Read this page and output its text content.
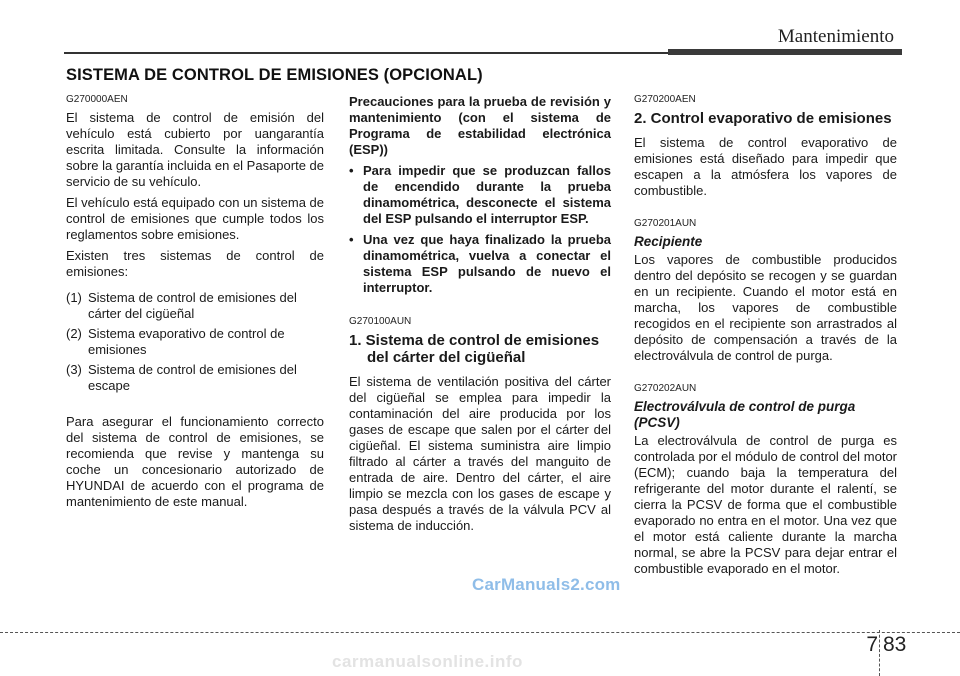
Mantenimiento
SISTEMA DE CONTROL DE EMISIONES (OPCIONAL)
G270000AEN

El sistema de control de emisión del vehículo está cubierto por uangarantía escrita limitada. Consulte la información sobre la garantía incluida en el Pasaporte de servicio de su vehículo.

El vehículo está equipado con un sistema de control de emisiones que cumple todos los reglamentos sobre emisiones.

Existen tres sistemas de control de emisiones:

(1) Sistema de control de emisiones del cárter del cigüeñal
(2) Sistema evaporativo de control de emisiones
(3) Sistema de control de emisiones del escape

Para asegurar el funcionamiento correcto del sistema de control de emisiones, se recomienda que revise y mantenga su coche un concesionario autorizado de HYUNDAI de acuerdo con el programa de mantenimiento de este manual.

Precauciones para la prueba de revisión y mantenimiento (con el sistema de Programa de estabilidad electrónica (ESP))

• Para impedir que se produzcan fallos de encendido durante la prueba dinamométrica, desconecte el sistema del ESP pulsando el interruptor ESP.
• Una vez que haya finalizado la prueba dinamométrica, vuelva a conectar el sistema ESP pulsando de nuevo el interruptor.
G270100AUN
1. Sistema de control de emisiones del cárter del cigüeñal

El sistema de ventilación positiva del cárter del cigüeñal se emplea para impedir la contaminación del aire producida por los gases de escape que salen por el cárter del cigüeñal. El sistema suministra aire limpio filtrado al cárter a través del manguito de entrada de aire. Dentro del cárter, el aire limpio se mezcla con los gases de escape y pasa después a través de la válvula PCV al sistema de inducción.

G270200AEN
2. Control evaporativo de emisiones

El sistema de control evaporativo de emisiones está diseñado para impedir que escapen a la atmósfera los vapores de combustible.

G270201AUN
Recipiente

Los vapores de combustible producidos dentro del depósito se recogen y se guardan en un recipiente. Cuando el motor está en marcha, los vapores de combustible recogidos en el recipiente son arrastrados al depósito de compensación a través de la electroválvula de control de purga.

G270202AUN
Electroválvula de control de purga (PCSV)

La electroválvula de control de purga es controlada por el módulo de control del motor (ECM); cuando baja la temperatura del refrigerante del motor durante el ralentí, se cierra la PCSV de forma que el combustible evaporado no entra en el motor. Una vez que el motor está caliente durante la marcha normal, se abre la PCSV para dejar entrar el combustible evaporado en el motor.

CarManuals2.com
7 83
carmanualsonline.info
